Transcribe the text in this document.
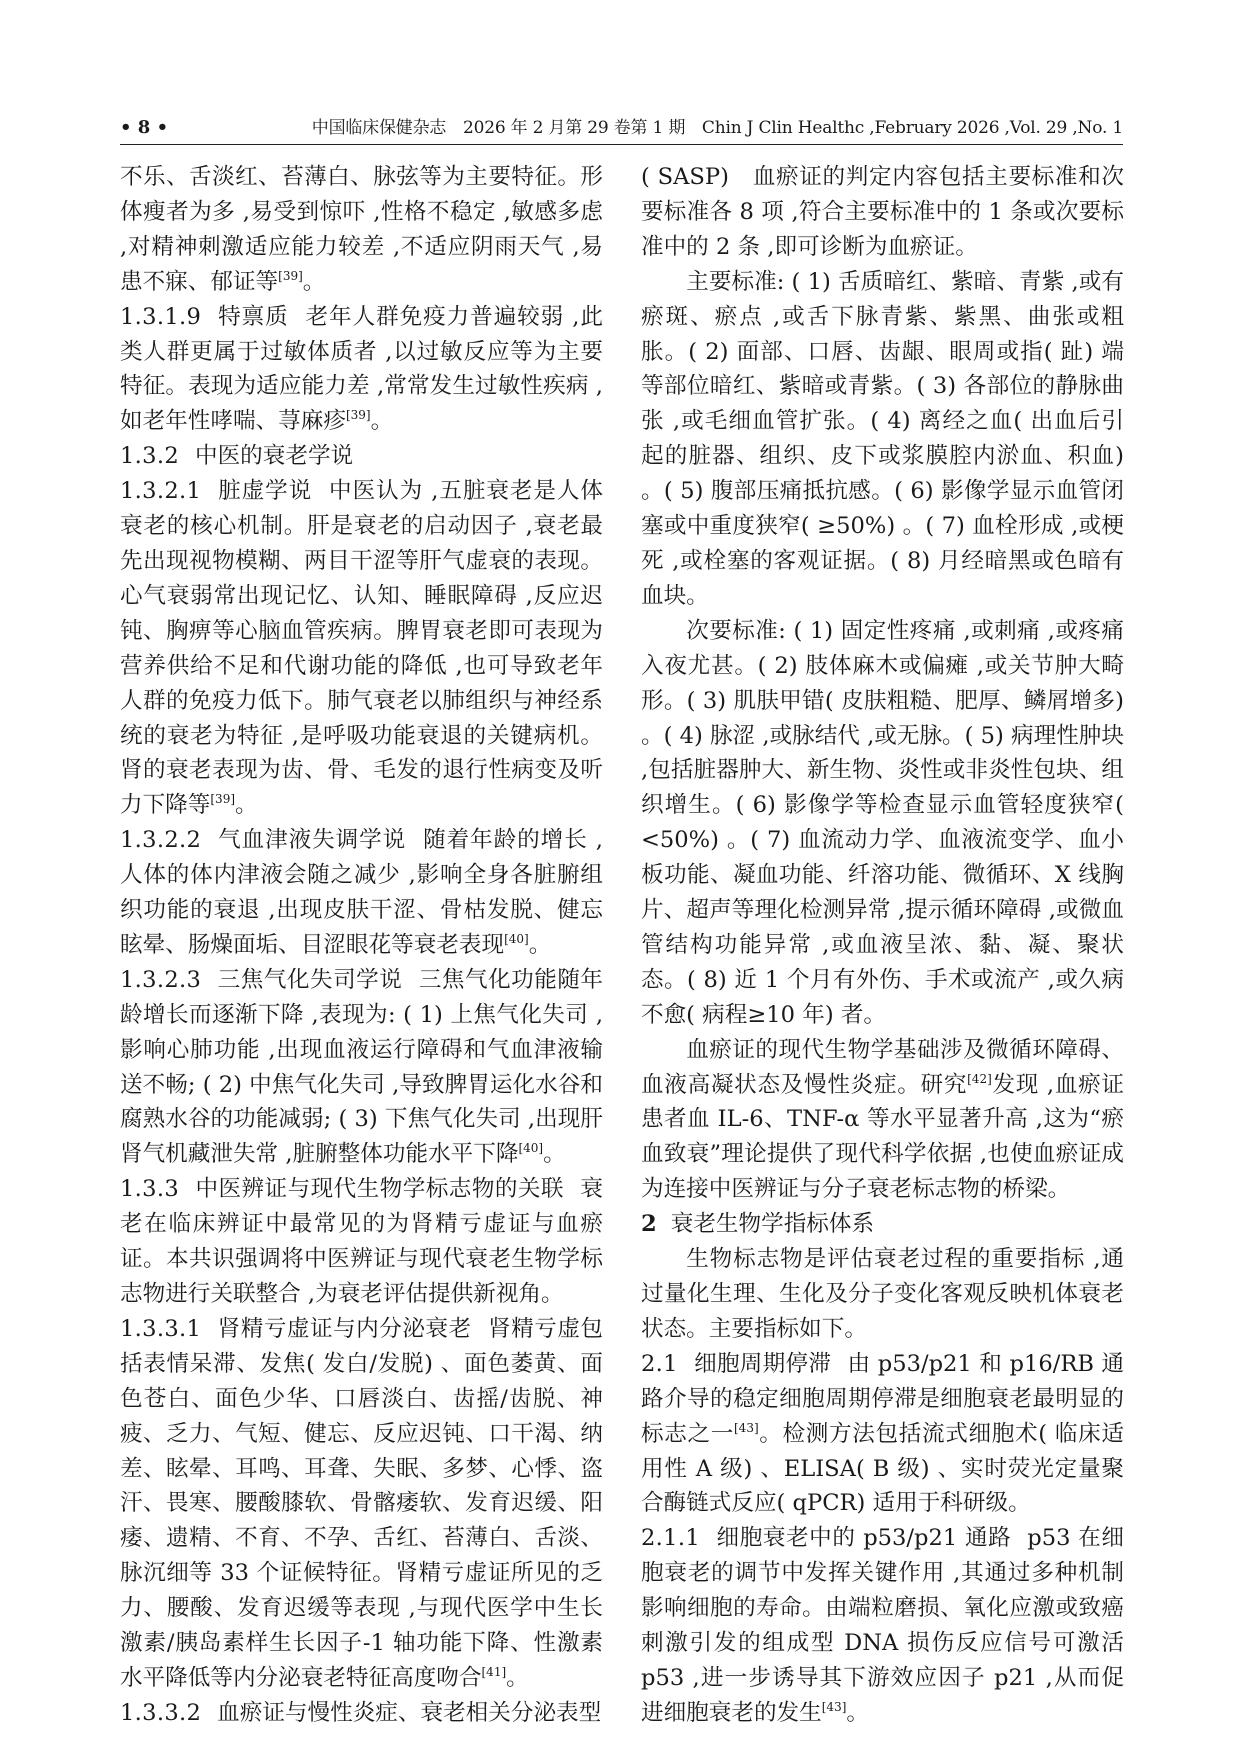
• 8 •	中国临床保健杂志　2026 年 2 月第 29 卷第 1 期　Chin J Clin Healthc ,February 2026 ,Vol. 29 ,No. 1

不乐、舌淡红、苔薄白、脉弦等为主要特征。形体瘦者为多 ,易受到惊吓 ,性格不稳定 ,敏感多虑 ,对精神刺激适应能力较差 ,不适应阴雨天气 ,易患不寐、郁证等[39]。

1.3.1.9 特禀质 老年人群免疫力普遍较弱 ,此类人群更属于过敏体质者 ,以过敏反应等为主要特征。表现为适应能力差 ,常常发生过敏性疾病 ,如老年性哮喘、荨麻疹[39]。

1.3.2 中医的衰老学说

1.3.2.1 脏虚学说 中医认为 ,五脏衰老是人体衰老的核心机制。肝是衰老的启动因子 ,衰老最先出现视物模糊、两目干涩等肝气虚衰的表现。心气衰弱常出现记忆、认知、睡眠障碍 ,反应迟钝、胸痹等心脑血管疾病。脾胃衰老即可表现为营养供给不足和代谢功能的降低 ,也可导致老年人群的免疫力低下。肺气衰老以肺组织与神经系统的衰老为特征 ,是呼吸功能衰退的关键病机。肾的衰老表现为齿、骨、毛发的退行性病变及听力下降等[39]。

1.3.2.2 气血津液失调学说 随着年龄的增长 ,人体的体内津液会随之减少 ,影响全身各脏腑组织功能的衰退 ,出现皮肤干涩、骨枯发脱、健忘眩晕、肠燥面垢、目涩眼花等衰老表现[40]。

1.3.2.3 三焦气化失司学说 三焦气化功能随年龄增长而逐渐下降 ,表现为: ( 1) 上焦气化失司 ,影响心肺功能 ,出现血液运行障碍和气血津液输送不畅; ( 2) 中焦气化失司 ,导致脾胃运化水谷和腐熟水谷的功能减弱; ( 3) 下焦气化失司 ,出现肝肾气机藏泄失常 ,脏腑整体功能水平下降[40]。

1.3.3 中医辨证与现代生物学标志物的关联 衰老在临床辨证中最常见的为肾精亏虚证与血瘀证。本共识强调将中医辨证与现代衰老生物学标志物进行关联整合 ,为衰老评估提供新视角。

1.3.3.1 肾精亏虚证与内分泌衰老 肾精亏虚包括表情呆滞、发焦( 发白/发脱) 、面色萎黄、面色苍白、面色少华、口唇淡白、齿摇/齿脱、神疲、乏力、气短、健忘、反应迟钝、口干渴、纳差、眩晕、耳鸣、耳聋、失眠、多梦、心悸、盗汗、畏寒、腰酸膝软、骨髂痿软、发育迟缓、阳痿、遗精、不育、不孕、舌红、苔薄白、舌淡、脉沉细等 33 个证候特征。肾精亏虚证所见的乏力、腰酸、发育迟缓等表现 ,与现代医学中生长激素/胰岛素样生长因子-1 轴功能下降、性激素水平降低等内分泌衰老特征高度吻合[41]。

1.3.3.2 血瘀证与慢性炎症、衰老相关分泌表型

( SASP)　血瘀证的判定内容包括主要标准和次要标准各 8 项 ,符合主要标准中的 1 条或次要标准中的 2 条 ,即可诊断为血瘀证。

主要标准: ( 1) 舌质暗红、紫暗、青紫 ,或有瘀斑、瘀点 ,或舌下脉青紫、紫黑、曲张或粗胀。( 2) 面部、口唇、齿龈、眼周或指( 趾) 端等部位暗红、紫暗或青紫。( 3) 各部位的静脉曲张 ,或毛细血管扩张。( 4) 离经之血( 出血后引起的脏器、组织、皮下或浆膜腔内淤血、积血) 。( 5) 腹部压痛抵抗感。( 6) 影像学显示血管闭塞或中重度狭窄( ≥50%) 。( 7) 血栓形成 ,或梗死 ,或栓塞的客观证据。( 8) 月经暗黑或色暗有血块。

次要标准: ( 1) 固定性疼痛 ,或刺痛 ,或疼痛入夜尤甚。( 2) 肢体麻木或偏瘫 ,或关节肿大畸形。( 3) 肌肤甲错( 皮肤粗糙、肥厚、鳞屑增多) 。( 4) 脉涩 ,或脉结代 ,或无脉。( 5) 病理性肿块 ,包括脏器肿大、新生物、炎性或非炎性包块、组织增生。( 6) 影像学等检查显示血管轻度狭窄( <50%) 。( 7) 血流动力学、血液流变学、血小板功能、凝血功能、纤溶功能、微循环、X 线胸片、超声等理化检测异常 ,提示循环障碍 ,或微血管结构功能异常 ,或血液呈浓、黏、凝、聚状态。( 8) 近 1 个月有外伤、手术或流产 ,或久病不愈( 病程≥10 年) 者。

血瘀证的现代生物学基础涉及微循环障碍、血液高凝状态及慢性炎症。研究[42]发现 ,血瘀证患者血 IL-6、TNF-α 等水平显著升高 ,这为“瘀血致衰”理论提供了现代科学依据 ,也使血瘀证成为连接中医辨证与分子衰老标志物的桥梁。

2 衰老生物学指标体系

生物标志物是评估衰老过程的重要指标 ,通过量化生理、生化及分子变化客观反映机体衰老状态。主要指标如下。

2.1 细胞周期停滞 由 p53/p21 和 p16/RB 通路介导的稳定细胞周期停滞是细胞衰老最明显的标志之一[43]。检测方法包括流式细胞术( 临床适用性 A 级) 、ELISA( B 级) 、实时荧光定量聚合酶链式反应( qPCR) 适用于科研级。

2.1.1 细胞衰老中的 p53/p21 通路 p53 在细胞衰老的调节中发挥关键作用 ,其通过多种机制影响细胞的寿命。由端粒磨损、氧化应激或致癌刺激引发的组成型 DNA 损伤反应信号可激活 p53 ,进一步诱导其下游效应因子 p21 ,从而促进细胞衰老的发生[43]。
